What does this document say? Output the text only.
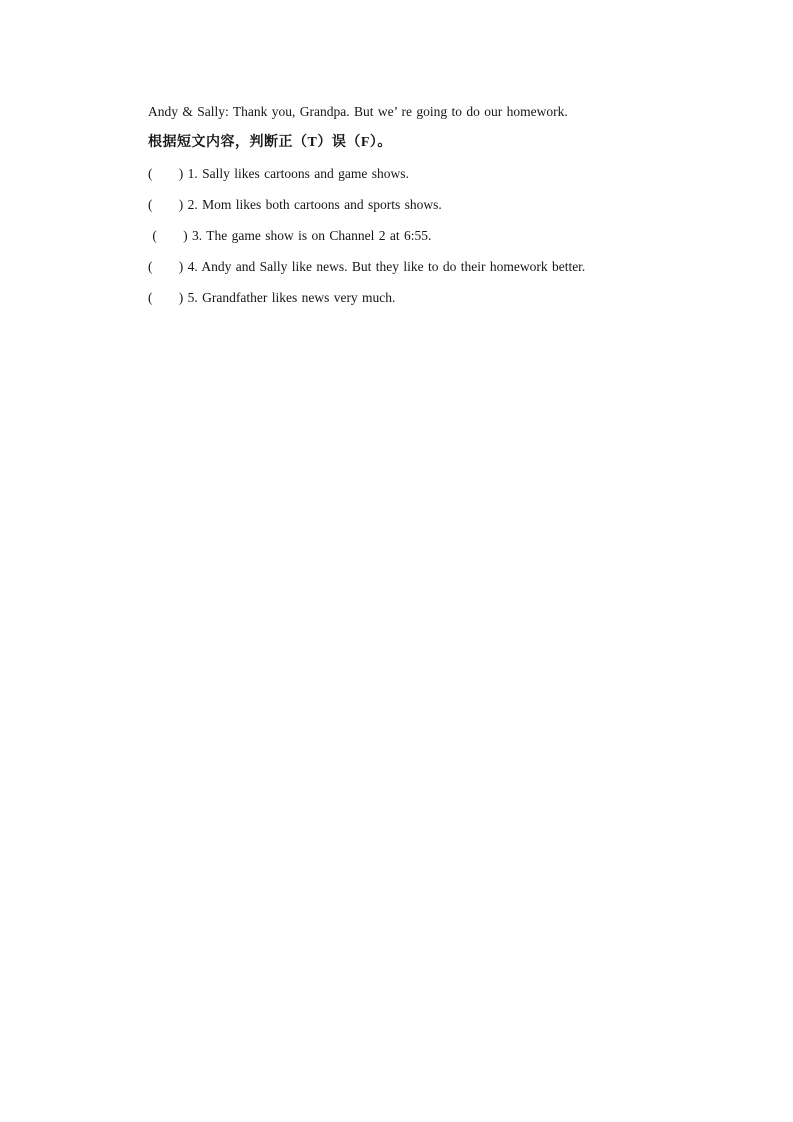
Andy & Sally: Thank you, Grandpa. But we’ re going to do our homework.

根据短文内容，判断正（T）误（F）。

(      ) 1. Sally likes cartoons and game shows.

(      ) 2. Mom likes both cartoons and sports shows.

(      ) 3. The game show is on Channel 2 at 6:55.

(      ) 4. Andy and Sally like news. But they like to do their homework better.

(      ) 5. Grandfather likes news very much.
